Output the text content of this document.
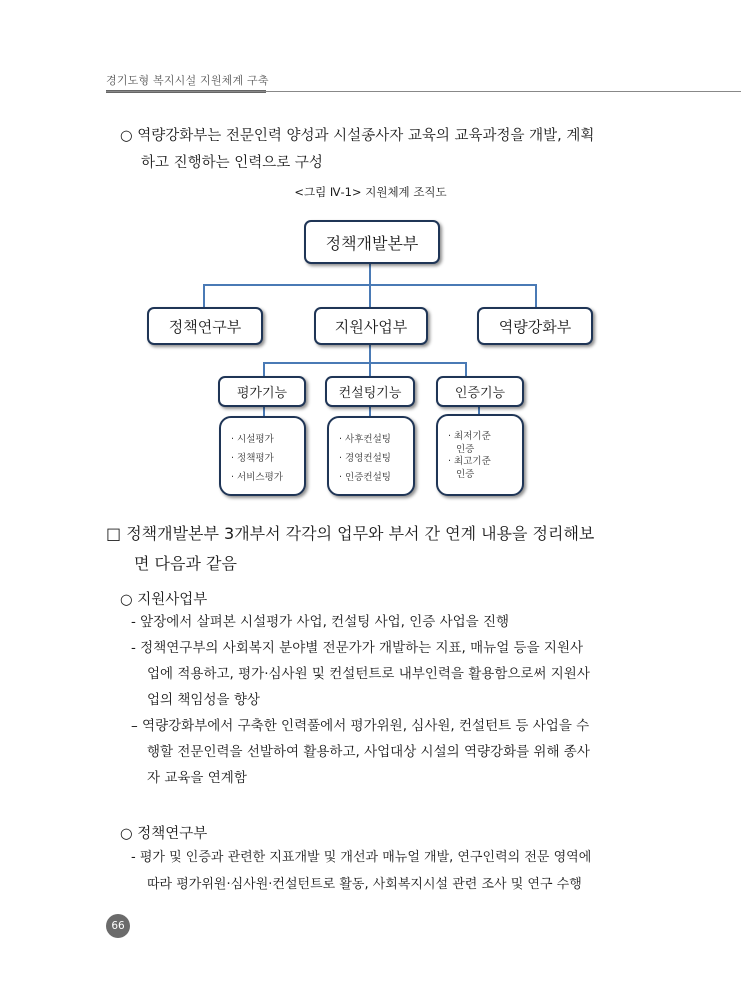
경기도형 복지시설 지원체계 구축
○ 역량강화부는 전문인력 양성과 시설종사자 교육의 교육과정을 개발, 계획
하고 진행하는 인력으로 구성
<그림 Ⅳ-1> 지원체계 조직도
정책개발본부
정책연구부	지원사업부	역량강화부
평가기능	컨설팅기능	인증기능
· 시설평가
· 정책평가
· 서비스평가
· 사후컨설팅
· 경영컨설팅
· 인증컨설팅
· 최저기준
인증
· 최고기준
인증
□ 정책개발본부 3개부서 각각의 업무와 부서 간 연계 내용을 정리해보
면 다음과 같음
○ 지원사업부
- 앞장에서 살펴본 시설평가 사업, 컨설팅 사업, 인증 사업을 진행
- 정책연구부의 사회복지 분야별 전문가가 개발하는 지표, 매뉴얼 등을 지원사
업에 적용하고, 평가·심사원 및 컨설턴트로 내부인력을 활용함으로써 지원사
업의 책임성을 향상
– 역량강화부에서 구축한 인력풀에서 평가위원, 심사원, 컨설턴트 등 사업을 수
행할 전문인력을 선발하여 활용하고, 사업대상 시설의 역량강화를 위해 종사
자 교육을 연계함
○ 정책연구부
- 평가 및 인증과 관련한 지표개발 및 개선과 매뉴얼 개발, 연구인력의 전문 영역에
따라 평가위원·심사원·컨설턴트로 활동, 사회복지시설 관련 조사 및 연구 수행
66
